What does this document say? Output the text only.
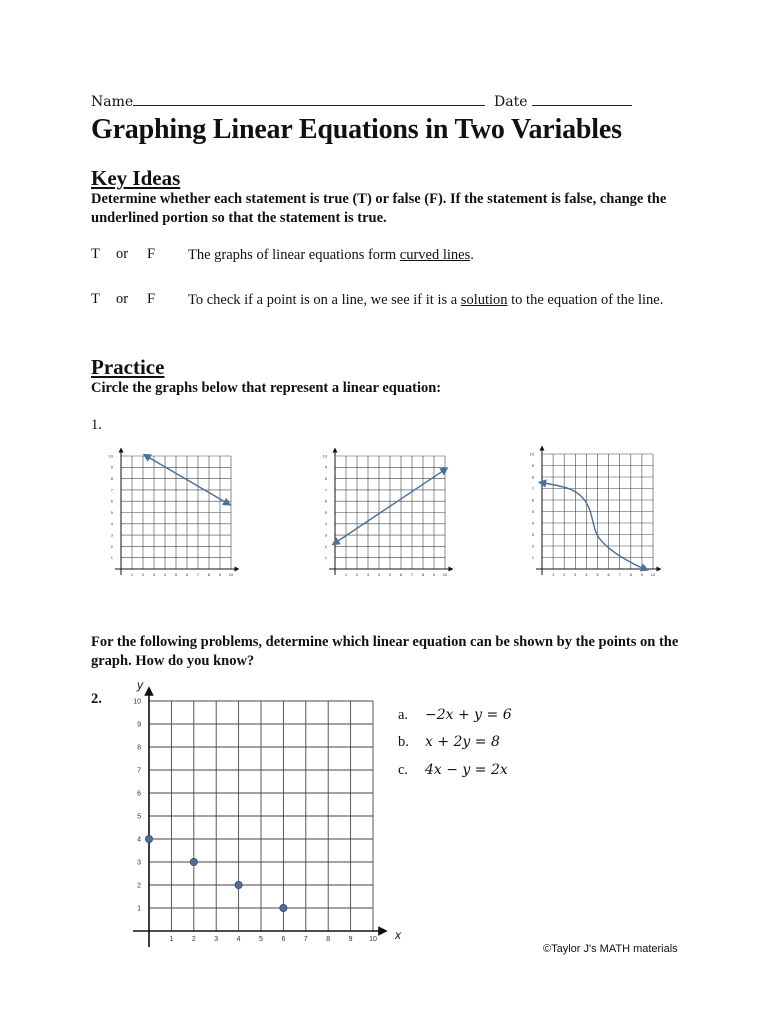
Name	Date
Graphing Linear Equations in Two Variables
Key Ideas
Determine whether each statement is true (T) or false (F). If the statement is false, change the underlined portion so that the statement is true.
T or F The graphs of linear equations form curved lines.
T or F To check if a point is on a line, we see if it is a solution to the equation of the line.
Practice
Circle the graphs below that represent a linear equation:
1.
1 2 3 4 5 6 7 8 9 10
1
2
3
4
5
6
7
8
9
10
1 2 3 4 5 6 7 8 9 10
1
2
3
4
5
6
7
8
9
10
1 2 3 4 5 6 7 8 9 10
1
2
3
4
5
6
7
8
9
10
For the following problems, determine which linear equation can be shown by the points on the graph. How do you know?
2.
1	2	3	4	5	6	7	8	9 10
1
2
3
4
5
6
7
8
9
10
x
y
a. −2x + y = 6
b. x + 2y = 8
c. 4x − y = 2x
©Taylor J's MATH materials
